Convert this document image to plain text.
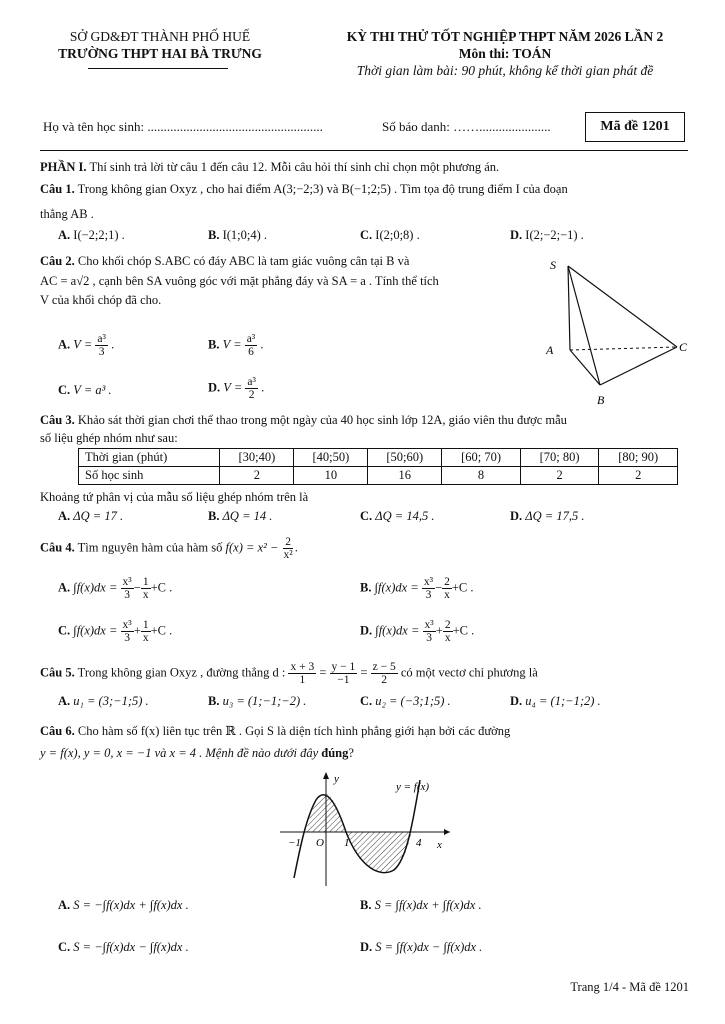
SỞ GD&ĐT THÀNH PHỐ HUẾ
TRƯỜNG THPT HAI BÀ TRƯNG
KỲ THI THỬ TỐT NGHIỆP THPT NĂM 2026 LẦN 2
Môn thi: TOÁN
Thời gian làm bài: 90 phút, không kể thời gian phát đề
Họ và tên học sinh: ......................................................	Số báo danh: ……......................	Mã đề 1201
PHẦN I. Thí sinh trả lời từ câu 1 đến câu 12. Mỗi câu hỏi thí sinh chỉ chọn một phương án.
Câu 1. Trong không gian Oxyz , cho hai điểm A(3;−2;3) và B(−1;2;5) . Tìm tọa độ trung điểm I của đoạn
thẳng AB .
A. I(−2;2;1) .	B. I(1;0;4) .	C. I(2;0;8) .	D. I(2;−2;−1) .
Câu 2. Cho khối chóp S.ABC có đáy ABC là tam giác vuông cân tại B và
AC = a√2 , cạnh bên SA vuông góc với mặt phẳng đáy và SA = a . Tính thể tích
V của khối chóp đã cho.
A. $V = \frac{\text{a³}}{3}$ .	B. $V = \frac{\text{a³}}{6}$ .
C. V = a³ .	D. $V = \frac{\text{a³}}{2}$ .
S
A
B
C
Câu 3. Khảo sát thời gian chơi thể thao trong một ngày của 40 học sinh lớp 12A, giáo viên thu được mẫu
số liệu ghép nhóm như sau:
Thời gian (phút)	[30;40)	[40;50)	[50;60)	[60; 70)	[70; 80)	[80; 90)
Số học sinh	2	10	16	8	2	2
Khoảng tứ phân vị của mẫu số liệu ghép nhóm trên là
A. ΔQ = 17 .	B. ΔQ = 14 .	C. ΔQ = 14,5 .	D. ΔQ = 17,5 .
Câu 4. Tìm nguyên hàm của hàm số $f(x) = x^2 - \frac{2}{\text{x²}}$ .
A. $\int f(x)dx = \frac{\text{x³}}{3} - \frac{1}{x} +C$ .	B. $\int f(x)dx = \frac{\text{x³}}{3} - \frac{2}{x} +C$ .
C. $\int f(x)dx = \frac{\text{x³}}{3} + \frac{1}{x} +C$ .	D. $\int f(x)dx = \frac{\text{x³}}{3} + \frac{2}{x} +C$ .
Câu 5. Trong không gian Oxyz , đường thẳng d : $\frac{x + 3}{1} = \frac{y - 1}{-1} = \frac{z - 5}{2}$ có một vectơ chỉ phương là
A. u₁ = (3;−1;5) .	B. u₃ = (1;−1;−2) .	C. u₂ = (−3;1;5) .	D. u₄ = (1;−1;2) .
Câu 6. Cho hàm số f(x) liên tục trên ℝ . Gọi S là diện tích hình phẳng giới hạn bởi các đường
y = f(x), y = 0, x = −1 và x = 4 . Mệnh đề nào dưới đây đúng?
y
x
y = f(x)
−1 O 1	4
A. S = −∫f(x)dx + ∫f(x)dx .	B. S = ∫f(x)dx + ∫f(x)dx .
C. S = −∫f(x)dx − ∫f(x)dx .	D. S = ∫f(x)dx − ∫f(x)dx .
Trang 1/4 - Mã đề 1201
